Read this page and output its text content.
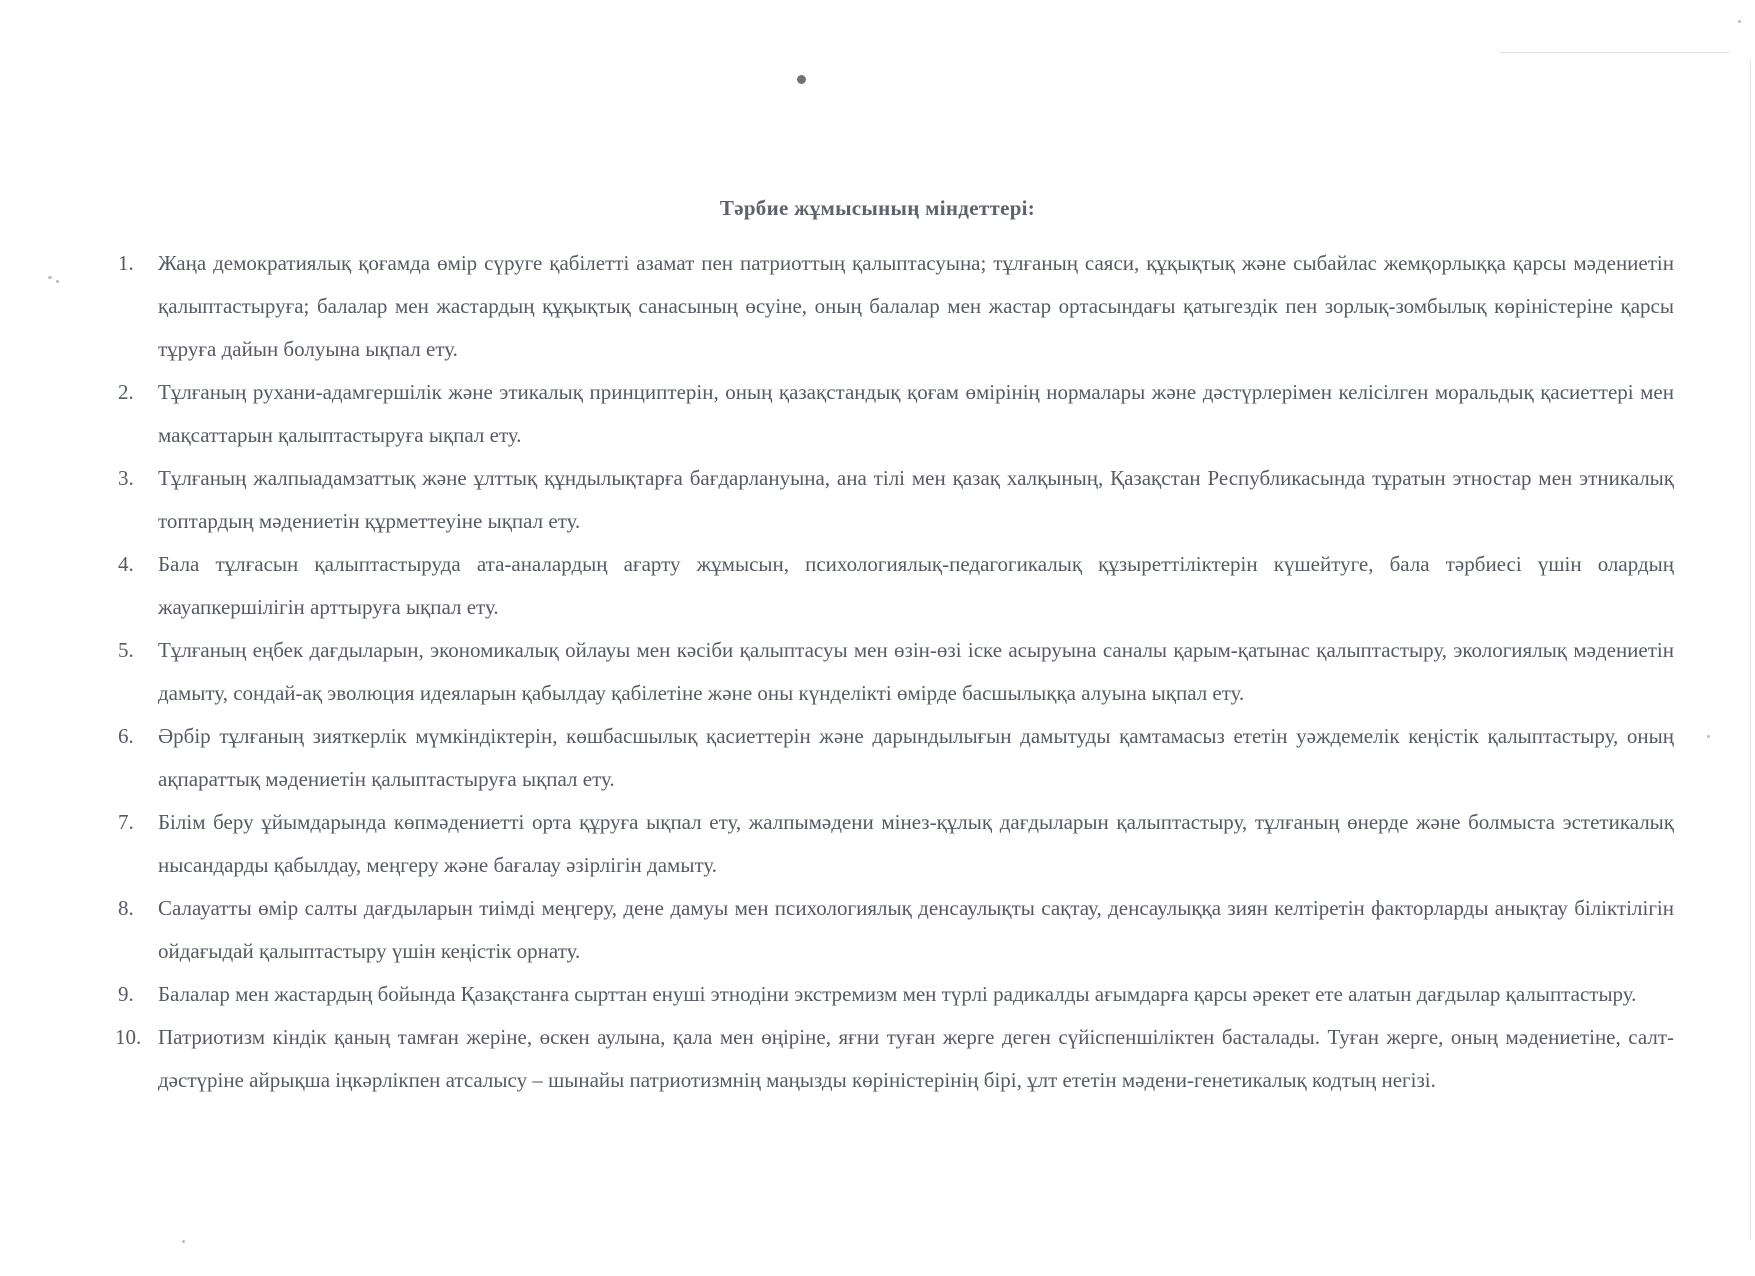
Тәрбие жұмысының міндеттері:
1.	Жаңа демократиялық қоғамда өмір сүруге қабілетті азамат пен патриоттың қалыптасуына; тұлғаның саяси, құқықтық және сыбайлас жемқорлыққа қарсы мәдениетін қалыптастыруға; балалар мен жастардың құқықтық санасының өсуіне, оның балалар мен жастар ортасындағы қатыгездік пен зорлық-зомбылық көріністеріне қарсы тұруға дайын болуына ықпал ету.
2.	Тұлғаның рухани-адамгершілік және этикалық принциптерін, оның қазақстандық қоғам өмірінің нормалары және дәстүрлерімен келісілген моральдық қасиеттері мен мақсаттарын қалыптастыруға ықпал ету.
3.	Тұлғаның жалпыадамзаттық және ұлттық құндылықтарға бағдарлануына, ана тілі мен қазақ халқының, Қазақстан Республикасында тұратын этностар мен этникалық топтардың мәдениетін құрметтеуіне ықпал ету.
4.	Бала тұлғасын қалыптастыруда ата-аналардың ағарту жұмысын, психологиялық-педагогикалық құзыреттіліктерін күшейтуге, бала тәрбиесі үшін олардың жауапкершілігін арттыруға ықпал ету.
5.	Тұлғаның еңбек дағдыларын, экономикалық ойлауы мен кәсіби қалыптасуы мен өзін-өзі іске асыруына саналы қарым-қатынас қалыптастыру, экологиялық мәдениетін дамыту, сондай-ақ эволюция идеяларын қабылдау қабілетіне және оны күнделікті өмірде басшылыққа алуына ықпал ету.
6.	Әрбір тұлғаның зияткерлік мүмкіндіктерін, көшбасшылық қасиеттерін және дарындылығын дамытуды қамтамасыз ететін уәждемелік кеңістік қалыптастыру, оның ақпараттық мәдениетін қалыптастыруға ықпал ету.
7.	Білім беру ұйымдарында көпмәдениетті орта құруға ықпал ету, жалпымәдени мінез-құлық дағдыларын қалыптастыру, тұлғаның өнерде және болмыста эстетикалық нысандарды қабылдау, меңгеру және бағалау әзірлігін дамыту.
8.	Салауатты өмір салты дағдыларын тиімді меңгеру, дене дамуы мен психологиялық денсаулықты сақтау, денсаулыққа зиян келтіретін факторларды анықтау біліктілігін ойдағыдай қалыптастыру үшін кеңістік орнату.
9.	Балалар мен жастардың бойында Қазақстанға сырттан енуші этнодіни экстремизм мен түрлі радикалды ағымдарға қарсы әрекет ете алатын дағдылар қалыптастыру.
10. Патриотизм кіндік қаның тамған жеріне, өскен аулына, қала мен өңіріне, яғни туған жерге деген сүйіспеншіліктен басталады. Туған жерге, оның мәдениетіне, салт-дәстүріне айрықша іңкәрлікпен атсалысу – шынайы патриотизмнің маңызды көріністерінің бірі, ұлт ететін мәдени-генетикалық кодтың негізі.
